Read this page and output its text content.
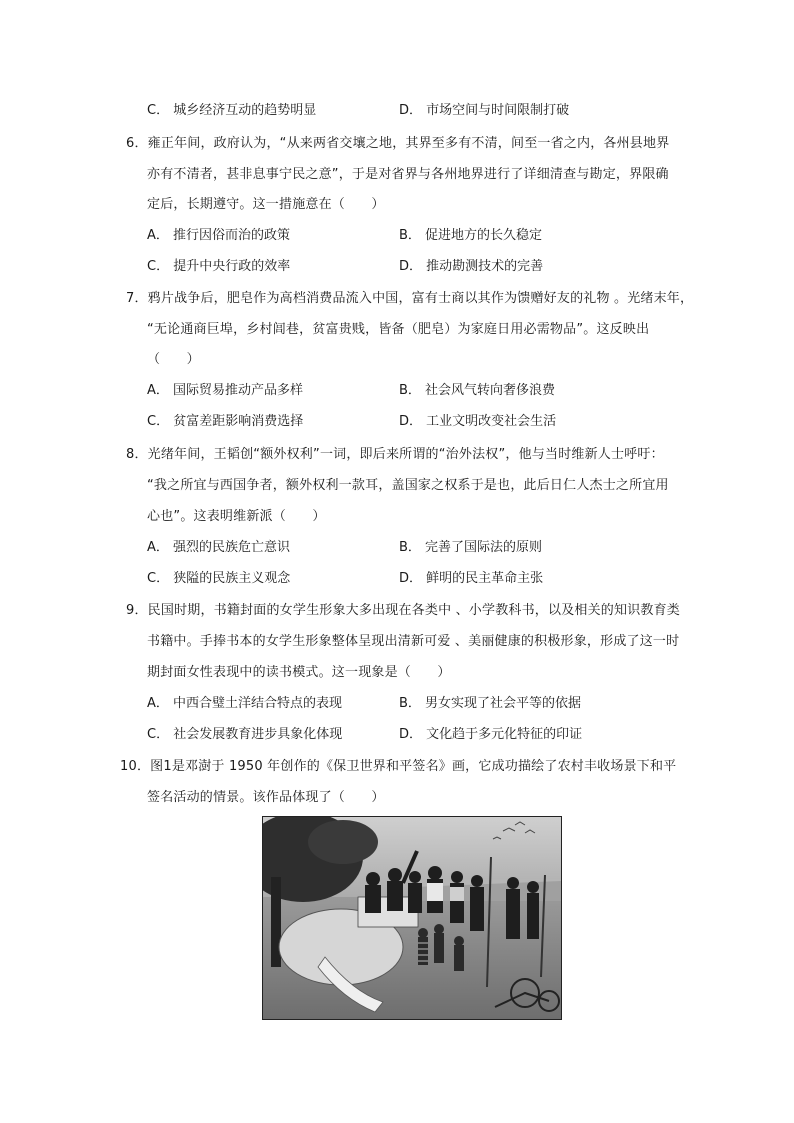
C． 城乡经济互动的趋势明显	D． 市场空间与时间限制打破
6．雍正年间，政府认为，“从来两省交壤之地，其界至多有不清，间至一省之内，各州县地界
亦有不清者，甚非息事宁民之意”，于是对省界与各州地界进行了详细清查与勘定，界限确
定后，长期遵守。这一措施意在（　　）
A． 推行因俗而治的政策	B． 促进地方的长久稳定
C． 提升中央行政的效率	D． 推动勘测技术的完善
7．鸦片战争后，肥皂作为高档消费品流入中国，富有士商以其作为馈赠好友的礼物 。光绪末年，
“无论通商巨埠，乡村闾巷，贫富贵贱，皆备（肥皂）为家庭日用必需物品”。这反映出
（　　）
A． 国际贸易推动产品多样	B． 社会风气转向奢侈浪费
C． 贫富差距影响消费选择	D． 工业文明改变社会生活
8．光绪年间，王韬创“额外权利”一词，即后来所谓的“治外法权”，他与当时维新人士呼吁：
“我之所宜与西国争者，额外权利一款耳，盖国家之权系于是也，此后日仁人杰士之所宜用
心也”。这表明维新派（　　）
A． 强烈的民族危亡意识	B． 完善了国际法的原则
C． 狭隘的民族主义观念	D． 鲜明的民主革命主张
9．民国时期，书籍封面的女学生形象大多出现在各类中 、小学教科书，以及相关的知识教育类
书籍中。手捧书本的女学生形象整体呈现出清新可爱 、美丽健康的积极形象，形成了这一时
期封面女性表现中的读书模式。这一现象是（　　）
A． 中西合璧土洋结合特点的表现	B． 男女实现了社会平等的依据
C． 社会发展教育进步具象化体现	D． 文化趋于多元化特征的印证
10．图1是邓澍于 1950 年创作的《保卫世界和平签名》画，它成功描绘了农村丰收场景下和平
签名活动的情景。该作品体现了（　　）
